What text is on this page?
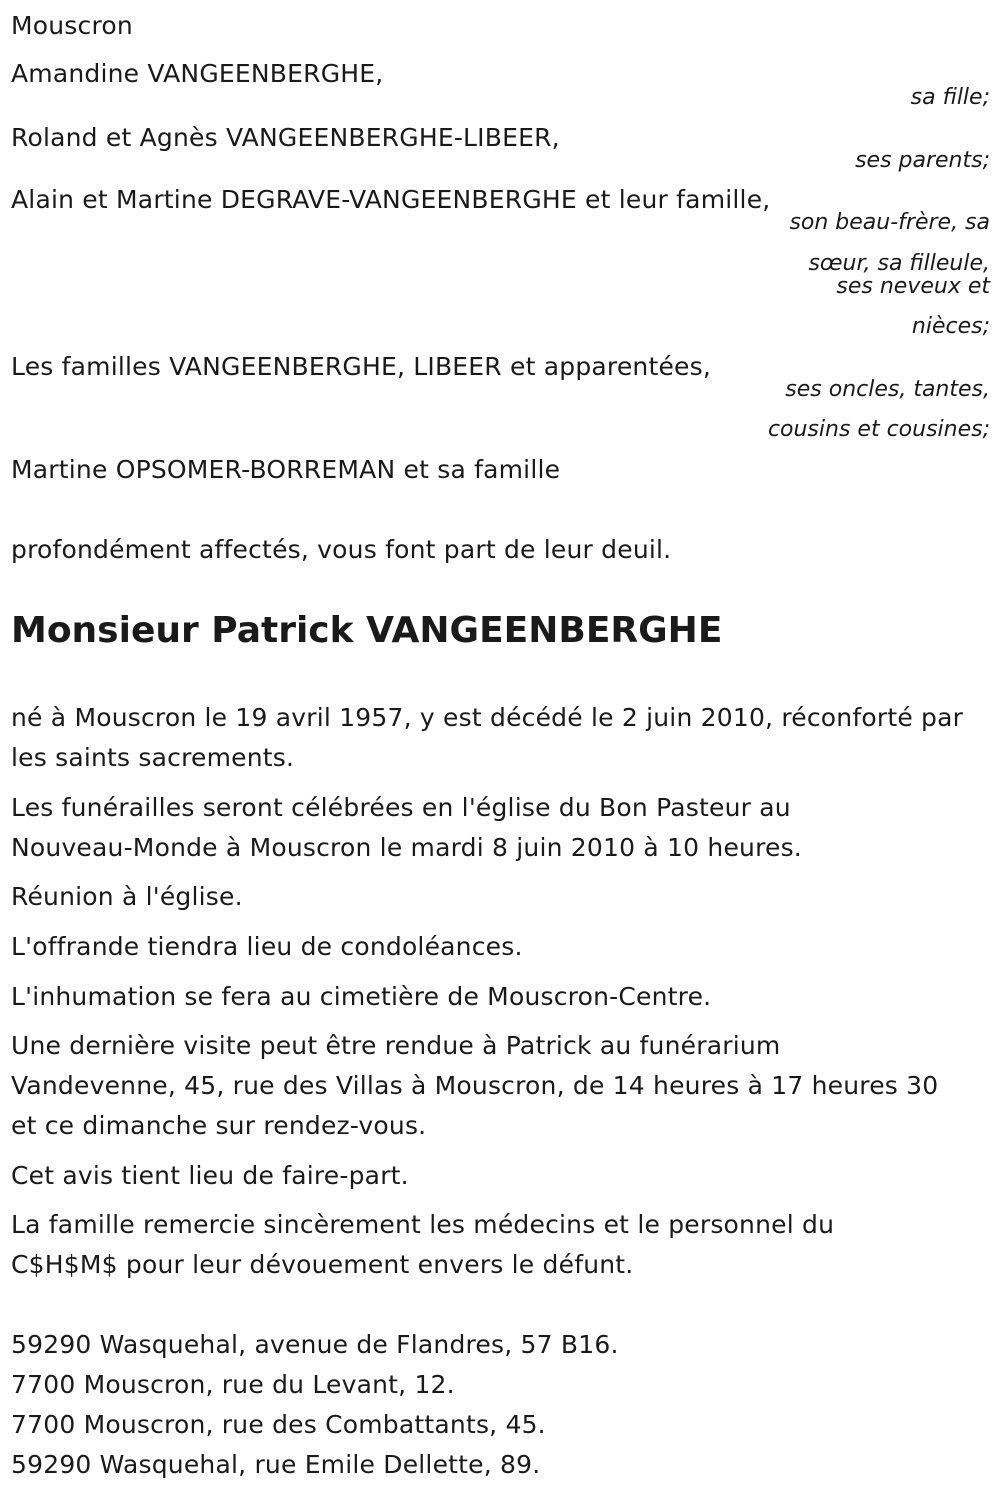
Mouscron
Amandine VANGEENBERGHE,
sa fille;
Roland et Agnès VANGEENBERGHE-LIBEER,
ses parents;
Alain et Martine DEGRAVE-VANGEENBERGHE et leur famille,
son beau-frère, sa
sœur, sa filleule,
ses neveux et
nièces;
Les familles VANGEENBERGHE, LIBEER et apparentées,
ses oncles, tantes,
cousins et cousines;
Martine OPSOMER-BORREMAN et sa famille
profondément affectés, vous font part de leur deuil.
Monsieur Patrick VANGEENBERGHE
né à Mouscron le 19 avril 1957, y est décédé le 2 juin 2010, réconforté par
les saints sacrements.
Les funérailles seront célébrées en l'église du Bon Pasteur au
Nouveau-Monde à Mouscron le mardi 8 juin 2010 à 10 heures.
Réunion à l'église.
L'offrande tiendra lieu de condoléances.
L'inhumation se fera au cimetière de Mouscron-Centre.
Une dernière visite peut être rendue à Patrick au funérarium
Vandevenne, 45, rue des Villas à Mouscron, de 14 heures à 17 heures 30
et ce dimanche sur rendez-vous.
Cet avis tient lieu de faire-part.
La famille remercie sincèrement les médecins et le personnel du
C$H$M$ pour leur dévouement envers le défunt.
59290 Wasquehal, avenue de Flandres, 57 B16.
7700 Mouscron, rue du Levant, 12.
7700 Mouscron, rue des Combattants, 45.
59290 Wasquehal, rue Emile Dellette, 89.
